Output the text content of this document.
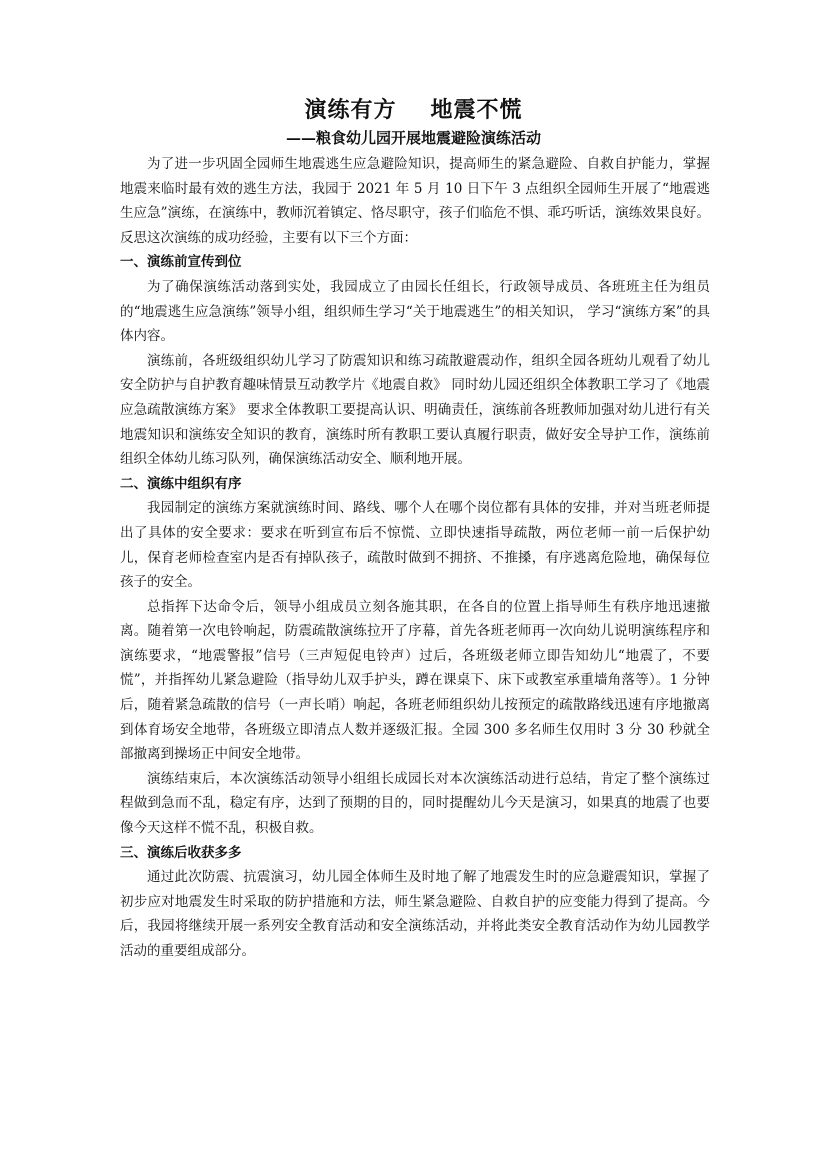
演练有方 地震不慌
——粮食幼儿园开展地震避险演练活动

为了进一步巩固全园师生地震逃生应急避险知识，提高师生的紧急避险、自救自护能力，掌握地震来临时最有效的逃生方法，我园于 2021 年 5 月 10 日下午 3 点组织全园师生开展了“地震逃生应急”演练，在演练中，教师沉着镇定、恪尽职守，孩子们临危不惧、乖巧听话，演练效果良好。反思这次演练的成功经验，主要有以下三个方面：

一、演练前宣传到位

为了确保演练活动落到实处，我园成立了由园长任组长，行政领导成员、各班班主任为组员的“地震逃生应急演练”领导小组，组织师生学习“关于地震逃生”的相关知识， 学习“演练方案”的具体内容。

演练前，各班级组织幼儿学习了防震知识和练习疏散避震动作，组织全园各班幼儿观看了幼儿安全防护与自护教育趣味情景互动教学片《地震自救》 同时幼儿园还组织全体教职工学习了《地震应急疏散演练方案》 要求全体教职工要提高认识、明确责任，演练前各班教师加强对幼儿进行有关地震知识和演练安全知识的教育，演练时所有教职工要认真履行职责，做好安全导护工作，演练前组织全体幼儿练习队列，确保演练活动安全、顺利地开展。

二、演练中组织有序

我园制定的演练方案就演练时间、路线、哪个人在哪个岗位都有具体的安排，并对当班老师提出了具体的安全要求：要求在听到宣布后不惊慌、立即快速指导疏散，两位老师一前一后保护幼儿，保育老师检查室内是否有掉队孩子，疏散时做到不拥挤、不推搡，有序逃离危险地，确保每位孩子的安全。

总指挥下达命令后，领导小组成员立刻各施其职，在各自的位置上指导师生有秩序地迅速撤离。随着第一次电铃响起，防震疏散演练拉开了序幕，首先各班老师再一次向幼儿说明演练程序和演练要求，“地震警报”信号（三声短促电铃声）过后，各班级老师立即告知幼儿“地震了，不要慌”，并指挥幼儿紧急避险（指导幼儿双手护头，蹲在课桌下、床下或教室承重墙角落等）。1 分钟后，随着紧急疏散的信号（一声长哨）响起，各班老师组织幼儿按预定的疏散路线迅速有序地撤离到体育场安全地带，各班级立即清点人数并逐级汇报。全园 300 多名师生仅用时 3 分 30 秒就全部撤离到操场正中间安全地带。

演练结束后，本次演练活动领导小组组长成园长对本次演练活动进行总结，肯定了整个演练过程做到急而不乱，稳定有序，达到了预期的目的，同时提醒幼儿今天是演习，如果真的地震了也要像今天这样不慌不乱，积极自救。

三、演练后收获多多

通过此次防震、抗震演习，幼儿园全体师生及时地了解了地震发生时的应急避震知识，掌握了初步应对地震发生时采取的防护措施和方法，师生紧急避险、自救自护的应变能力得到了提高。今后，我园将继续开展一系列安全教育活动和安全演练活动，并将此类安全教育活动作为幼儿园教学活动的重要组成部分。
